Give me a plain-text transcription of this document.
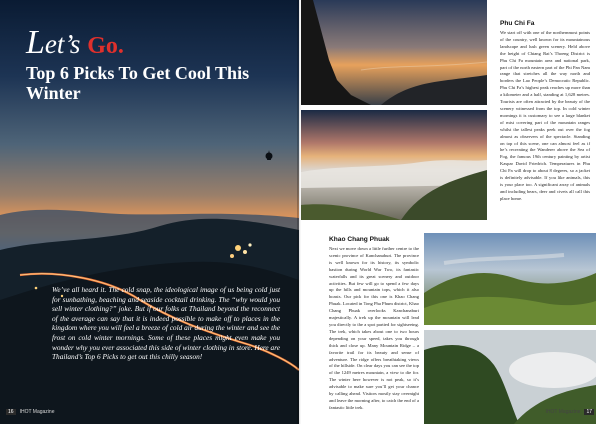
Let’s Go.
Top 6 Picks To Get Cool This Winter
We’ve all heard it. The cold snap, the ideological image of us being cold just for sunbathing, beaching and seaside cocktail drinking. The “why would you sell winter clothing?” joke. But if our folks at Thailand beyond the reconnect of the average can say that it is indeed possible to make off to places in the kingdom where you will feel a breeze of cold air during the winter and see the frost on cold winter mornings. Some of these places might even make you wonder why you ever associated this side of winter clothing in store. Here are Thailand’s Top 6 Picks to get out this chilly season!
16 IHOT Magazine
Phu Chi Fa

We start off with one of the northernmost points of the country, well known for its mountainous landscape and lush green scenery. Held above the height of Chiang Rai’s Thoeng District is Phu Chi Fa mountain area and national park, part of the north eastern part of the Phi Pan Nam range that stretches all the way north and borders the Lao People’s Democratic Republic. Phu Chi Fa’s highest peak reaches up more than a kilometer and a half, standing at 1,628 metres. Tourists are often attracted by the beauty of the scenery witnessed from the top. In cold winter mornings it is customary to see a large blanket of mist covering part of the mountain ranges whilst the tallest peaks peek out over the fog almost as observers of the spectacle. Standing on top of this scene, one can almost feel as if he’s recreating the Wanderer above the Sea of Fog, the famous 19th century painting by artist Kaspar David Friedrich. Temperatures in Phu Chi Fa will drop to about 8 degrees, so a jacket is definitely advisable. If you like animals, this is your place too. A significant array of animals and including bears, deer and civets all call this place home.

Khao Chang Phuak

Next we move down a little further centre to the scenic province of Kanchanaburi. The province is well known for its history, its symbolic bastion during World War Two, its fantastic waterfalls and its great scenery and outdoor activities. But few will go to spend a few days up the hills and mountain tops, which it also boasts. Our pick for this one is Khao Chang Phuak. Located in Tong Pha Phum district, Khao Chang Phuak overlooks Kanchanaburi majestically. A trek up the mountain will lead you directly to the a spot partied for sightseeing. The trek, which takes about one to two hours depending on your speed, takes you through thick and close up. Many Mountain Ridge – a favorite trail for its beauty and sense of adventure. The ridge offers breathtaking views of the hillside. On clear days you can see the top of the 1249 metres mountain, a view to die for. The winter here however is not peak, so it’s advisable to make sure you’ll get your chance by calling ahead. Visitors mostly stay overnight and leave the morning after, to catch the end of a fantastic little trek.

IHOT Magazine 17
